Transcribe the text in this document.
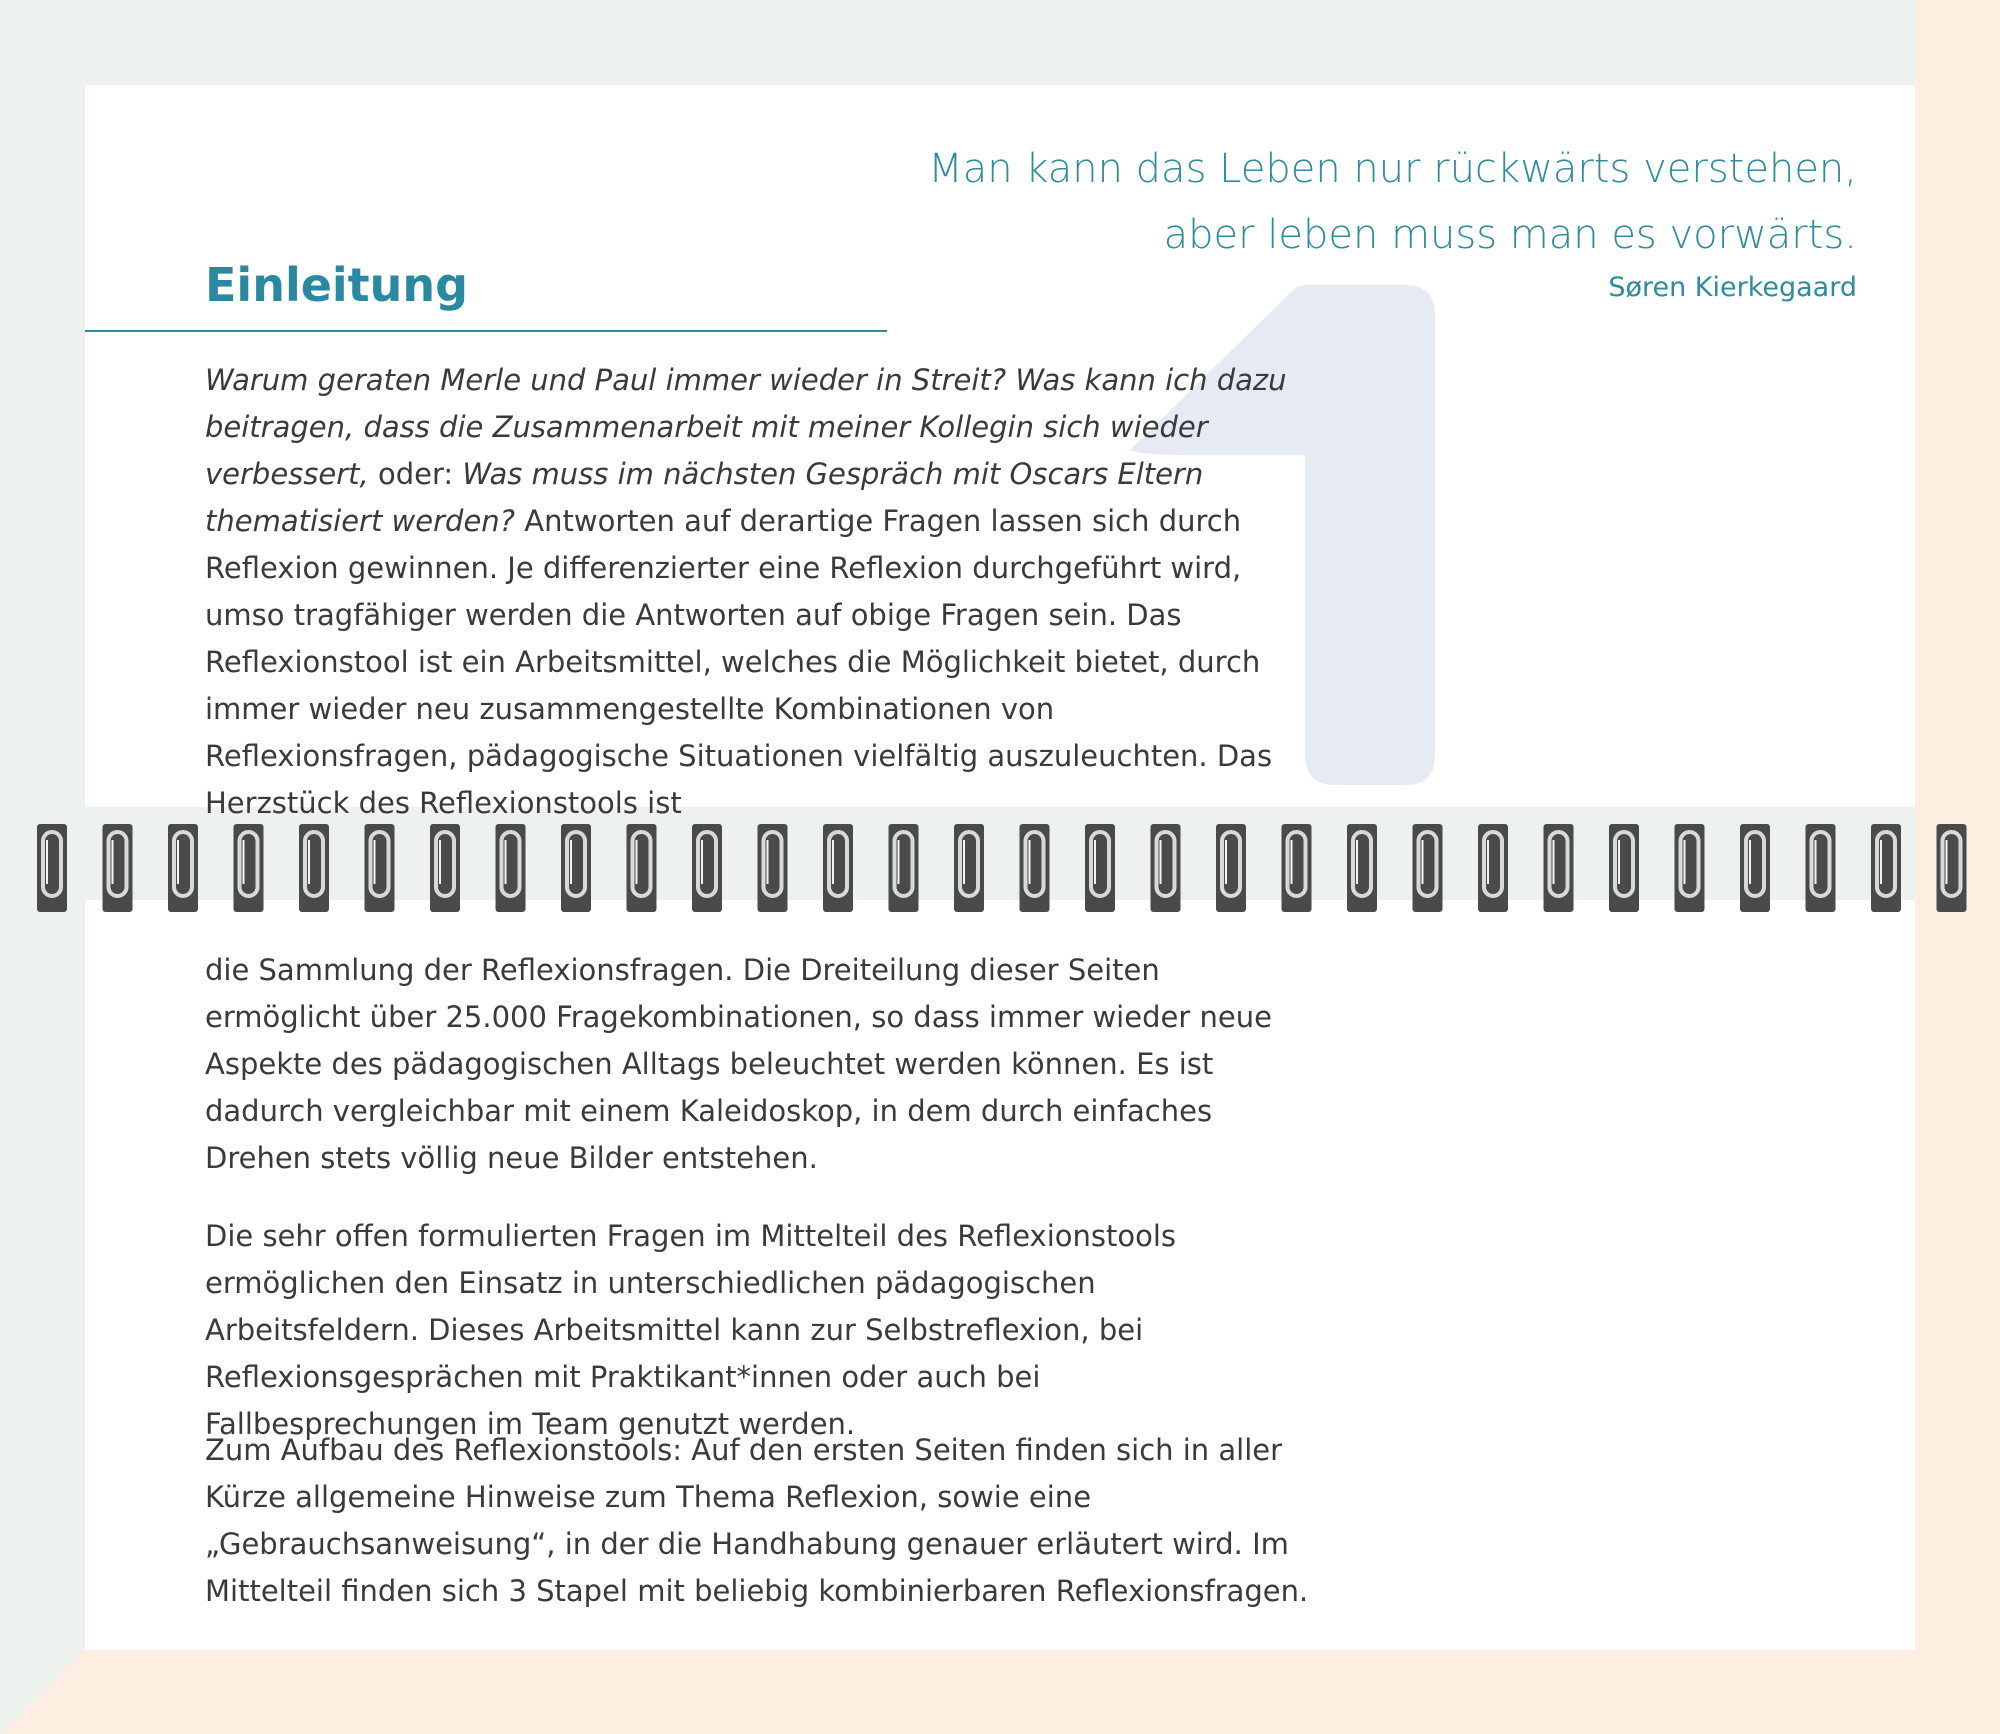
Man kann das Leben nur rückwärts verstehen,
aber leben muss man es vorwärts.
Søren Kierkegaard
Einleitung

Warum geraten Merle und Paul immer wieder in Streit? Was kann ich dazu beitragen, dass die Zusammenarbeit mit meiner Kollegin sich wieder verbessert, oder: Was muss im nächsten Gespräch mit Oscars Eltern thematisiert werden? Antworten auf derartige Fragen lassen sich durch Reflexion gewinnen. Je differenzierter eine Reflexion durchgeführt wird, umso tragfähiger werden die Antworten auf obige Fragen sein. Das Reflexionstool ist ein Arbeitsmittel, welches die Möglichkeit bietet, durch immer wieder neu zusammengestellte Kombinationen von Reflexionsfragen, pädagogische Situationen vielfältig auszuleuchten. Das Herzstück des Reflexionstools ist

die Sammlung der Reflexionsfragen. Die Dreiteilung dieser Seiten ermöglicht über 25.000 Fragekombinationen, so dass immer wieder neue Aspekte des pädagogischen Alltags beleuchtet werden können. Es ist dadurch vergleichbar mit einem Kaleidoskop, in dem durch einfaches Drehen stets völlig neue Bilder entstehen.

Die sehr offen formulierten Fragen im Mittelteil des Reflexionstools ermöglichen den Einsatz in unterschiedlichen pädagogischen Arbeitsfeldern. Dieses Arbeitsmittel kann zur Selbstreflexion, bei Reflexionsgesprächen mit Praktikant*innen oder auch bei Fallbesprechungen im Team genutzt werden.

Zum Aufbau des Reflexionstools: Auf den ersten Seiten finden sich in aller Kürze allgemeine Hinweise zum Thema Reflexion, sowie eine „Gebrauchsanweisung“, in der die Handhabung genauer erläutert wird. Im Mittelteil finden sich 3 Stapel mit beliebig kombinierbaren Reflexionsfragen.
